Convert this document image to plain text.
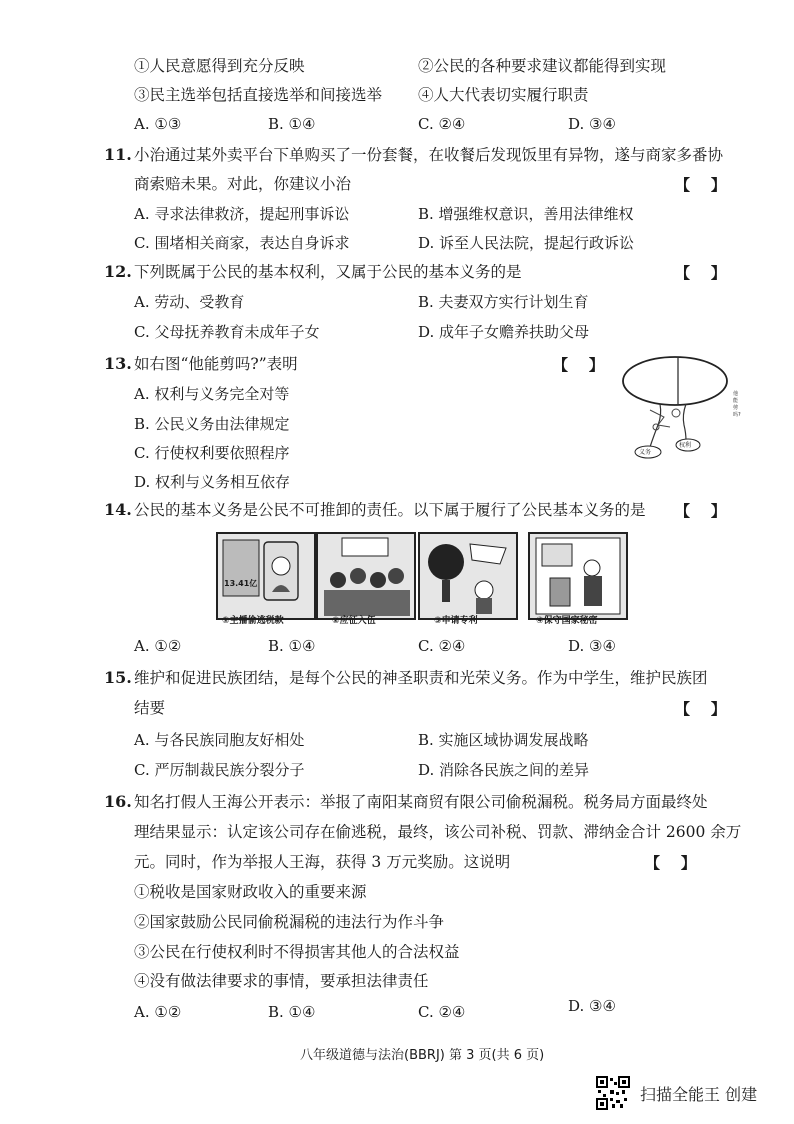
①人民意愿得到充分反映	②公民的各种要求建议都能得到实现
③民主选举包括直接选举和间接选举 ④人大代表切实履行职责
A. ①③	B. ①④	C. ②④	D. ③④
11. 小治通过某外卖平台下单购买了一份套餐，在收餐后发现饭里有异物，遂与商家多番协
商索赔未果。对此，你建议小治	【    】
A. 寻求法律救济，提起刑事诉讼	B. 增强维权意识，善用法律维权
C. 围堵相关商家，表达自身诉求	D. 诉至人民法院，提起行政诉讼
12. 下列既属于公民的基本权利，又属于公民的基本义务的是	【    】
A. 劳动、受教育	B. 夫妻双方实行计划生育
C. 父母抚养教育未成年子女	D. 成年子女赡养扶助父母
13. 如右图“他能剪吗?”表明	【    】
A. 权利与义务完全对等
B. 公民义务由法律规定
C. 行使权利要依照程序
D. 权利与义务相互依存
义务
权利
他能剪吗?
14. 公民的基本义务是公民不可推卸的责任。以下属于履行了公民基本义务的是 【    】
13.41亿
①主播偷逃税款	②应征入伍	③申请专利	④保守国家秘密
A. ①②	B. ①④	C. ②④	D. ③④
15. 维护和促进民族团结，是每个公民的神圣职责和光荣义务。作为中学生，维护民族团
结要	【    】
A. 与各民族同胞友好相处	B. 实施区域协调发展战略
C. 严厉制裁民族分裂分子	D. 消除各民族之间的差异
16. 知名打假人王海公开表示：举报了南阳某商贸有限公司偷税漏税。税务局方面最终处
理结果显示：认定该公司存在偷逃税，最终，该公司补税、罚款、滞纳金合计 2600 余万
元。同时，作为举报人王海，获得 3 万元奖励。这说明	【    】
①税收是国家财政收入的重要来源
②国家鼓励公民同偷税漏税的违法行为作斗争
③公民在行使权利时不得损害其他人的合法权益
④没有做法律要求的事情，要承担法律责任
A. ①②	B. ①④	C. ②④	D. ③④
八年级道德与法治(BBRJ) 第 3 页(共 6 页)
扫描全能王 创建
